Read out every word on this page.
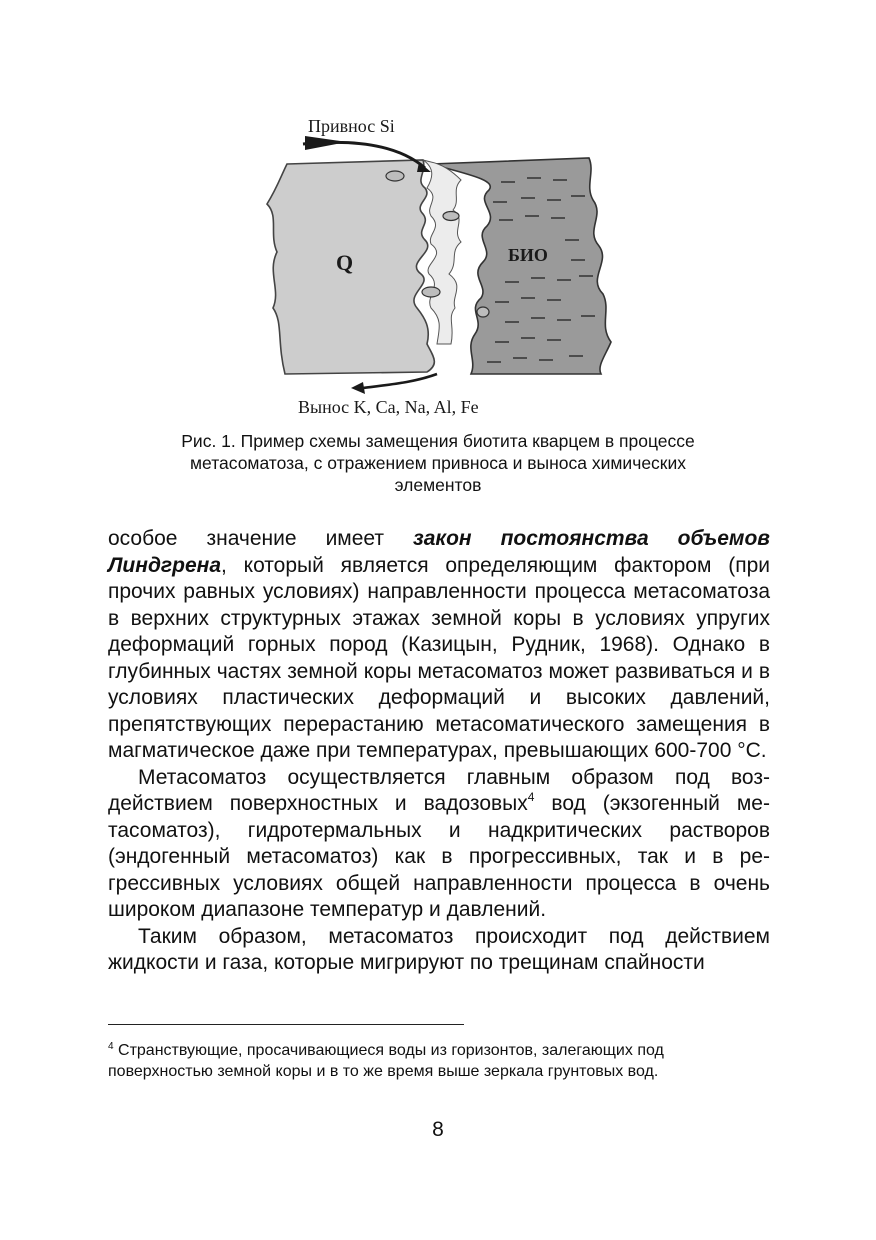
Привнос Si
Q	БИО
Вынос K, Ca, Na, Al, Fe
Рис. 1. Пример схемы замещения биотита кварцем в процессе
метасоматоза, с отражением привноса и выноса химических
элементов

особое значение имеет закон постоянства объемов Линдгрена, который является определяющим фактором (при прочих равных условиях) направленности процесса метасоматоза в верхних структурных этажах земной коры в условиях упругих деформаций горных пород (Казицын, Рудник, 1968). Однако в глубинных частях земной коры метасоматоз может развиваться и в условиях пластических деформаций и высоких давлений, препятствующих перерастанию метасоматического замещения в магматическое даже при температурах, превышающих 600-700 °С.

Метасоматоз осуществляется главным образом под воздействием поверхностных и вадозовых$^4$ вод (экзогенный метасоматоз), гидротермальных и надкритических растворов (эндогенный метасоматоз) как в прогрессивных, так и в регрессивных условиях общей направленности процесса в очень широком диапазоне температур и давлений.

Таким образом, метасоматоз происходит под действием жидкости и газа, которые мигрируют по трещинам спайности

$^4$ Странствующие, просачивающиеся воды из горизонтов, залегающих под поверхностью земной коры и в то же время выше зеркала грунтовых вод.
8
